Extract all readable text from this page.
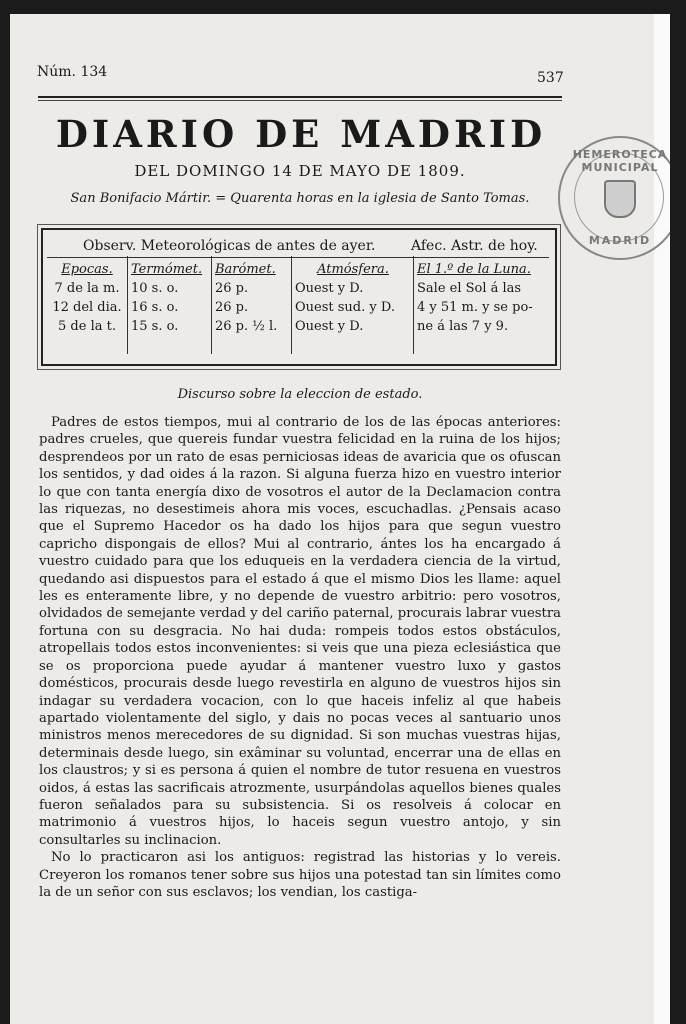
Núm. 134	537
DIARIO DE MADRID
DEL DOMINGO 14 DE MAYO DE 1809.
San Bonifacio Mártir. = Quarenta horas en la iglesia de Santo Tomas.
HEMEROTECA MUNICIPAL
MADRID
Observ. Meteorológicas de antes de ayer.	Afec. Astr. de hoy.
Epocas.
7 de la m.
12 del dia.
5 de la t.
Termómet.
10 s. o.
16 s. o.
15 s. o.
Barómet.
26 p.
26 p.
26 p. ½ l.
Atmósfera.
Ouest y D.
Ouest sud. y D.
Ouest y D.
El 1.º de la Luna.
Sale el Sol á las
4 y 51 m. y se po-
ne á las 7 y 9.
Discurso sobre la eleccion de estado.

Padres de estos tiempos, mui al contrario de los de las épocas anteriores: padres crueles, que quereis fundar vuestra felicidad en la ruina de los hijos; desprendeos por un rato de esas perniciosas ideas de avaricia que os ofuscan los sentidos, y dad oides á la razon. Si alguna fuerza hizo en vuestro interior lo que con tanta energía dixo de vosotros el autor de la Declamacion contra las riquezas, no desestimeis ahora mis voces, escuchadlas. ¿Pensais acaso que el Supremo Hacedor os ha dado los hijos para que segun vuestro capricho dispongais de ellos? Mui al contrario, ántes los ha encargado á vuestro cuidado para que los eduqueis en la verdadera ciencia de la virtud, quedando asi dispuestos para el estado á que el mismo Dios les llame: aquel les es enteramente libre, y no depende de vuestro arbitrio: pero vosotros, olvidados de semejante verdad y del cariño paternal, procurais labrar vuestra fortuna con su desgracia. No hai duda: rompeis todos estos obstáculos, atropellais todos estos inconvenientes: si veis que una pieza eclesiástica que se os proporciona puede ayudar á mantener vuestro luxo y gastos domésticos, procurais desde luego revestirla en alguno de vuestros hijos sin indagar su verdadera vocacion, con lo que haceis infeliz al que habeis apartado violentamente del siglo, y dais no pocas veces al santuario unos ministros menos merecedores de su dignidad. Si son muchas vuestras hijas, determinais desde luego, sin exâminar su voluntad, encerrar una de ellas en los claustros; y si es persona á quien el nombre de tutor resuena en vuestros oidos, á estas las sacrificais atrozmente, usurpándolas aquellos bienes quales fueron señalados para su subsistencia. Si os resolveis á colocar en matrimonio á vuestros hijos, lo haceis segun vuestro antojo, y sin consultarles su inclinacion.

No lo practicaron asi los antiguos: registrad las historias y lo vereis. Creyeron los romanos tener sobre sus hijos una potestad tan sin límites como la de un señor con sus esclavos; los vendian, los castiga-
